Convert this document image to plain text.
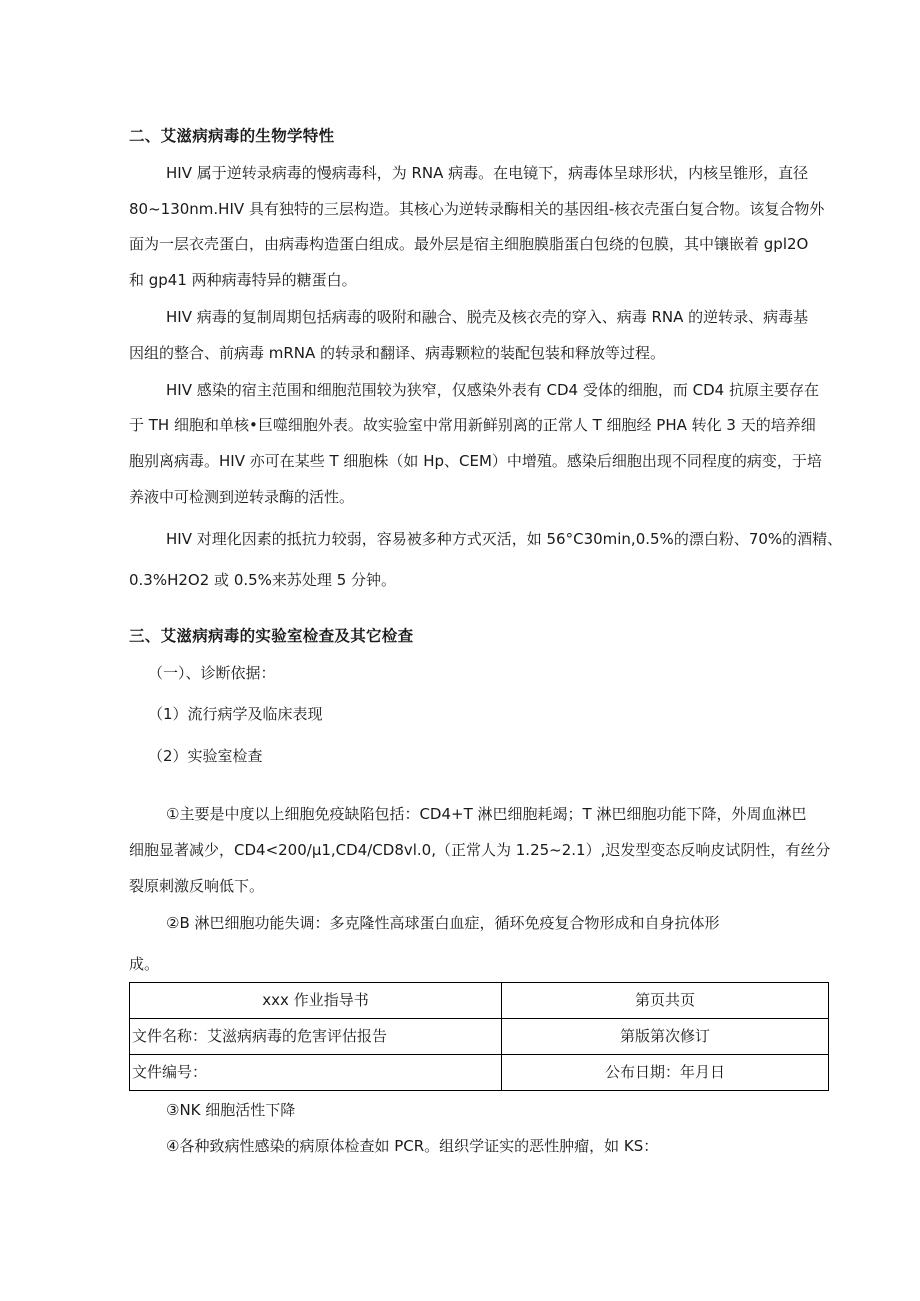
二、艾滋病病毒的生物学特性
HIV 属于逆转录病毒的慢病毒科，为 RNA 病毒。在电镜下，病毒体呈球形状，内核呈锥形，直径
80~130nm.HIV 具有独特的三层构造。其核心为逆转录酶相关的基因组-核衣壳蛋白复合物。该复合物外
面为一层衣壳蛋白，由病毒构造蛋白组成。最外层是宿主细胞膜脂蛋白包绕的包膜，其中镶嵌着 gpl2O
和 gp41 两种病毒特异的糖蛋白。
HIV 病毒的复制周期包括病毒的吸附和融合、脱壳及核衣壳的穿入、病毒 RNA 的逆转录、病毒基
因组的整合、前病毒 mRNA 的转录和翻译、病毒颗粒的装配包装和释放等过程。
HIV 感染的宿主范围和细胞范围较为狭窄，仅感染外表有 CD4 受体的细胞，而 CD4 抗原主要存在
于 TH 细胞和单核•巨噬细胞外表。故实验室中常用新鲜别离的正常人 T 细胞经 PHA 转化 3 天的培养细
胞别离病毒。HIV 亦可在某些 T 细胞株（如 Hp、CEM）中增殖。感染后细胞出现不同程度的病变，于培
养液中可检测到逆转录酶的活性。
HIV 对理化因素的抵抗力较弱，容易被多种方式灭活，如 56°C30min,0.5%的漂白粉、70%的酒精、
0.3%H2O2 或 0.5%来苏处理 5 分钟。
三、艾滋病病毒的实验室检查及其它检查
（一）、诊断依据：
（1）流行病学及临床表现
（2）实验室检查
①主要是中度以上细胞免疫缺陷包括：CD4+T 淋巴细胞耗竭；T 淋巴细胞功能下降，外周血淋巴
细胞显著减少，CD4<200/μ1,CD4/CD8vl.0,（正常人为 1.25~2.1）,迟发型变态反响皮试阴性，有丝分
裂原刺激反响低下。
②B 淋巴细胞功能失调：多克隆性高球蛋白血症，循环免疫复合物形成和自身抗体形
成。
xxx 作业指导书	第页共页
文件名称：艾滋病病毒的危害评估报告	第版第次修订
文件编号：	公布日期：年月日
③NK 细胞活性下降
④各种致病性感染的病原体检查如 PCR。组织学证实的恶性肿瘤，如 KS：
